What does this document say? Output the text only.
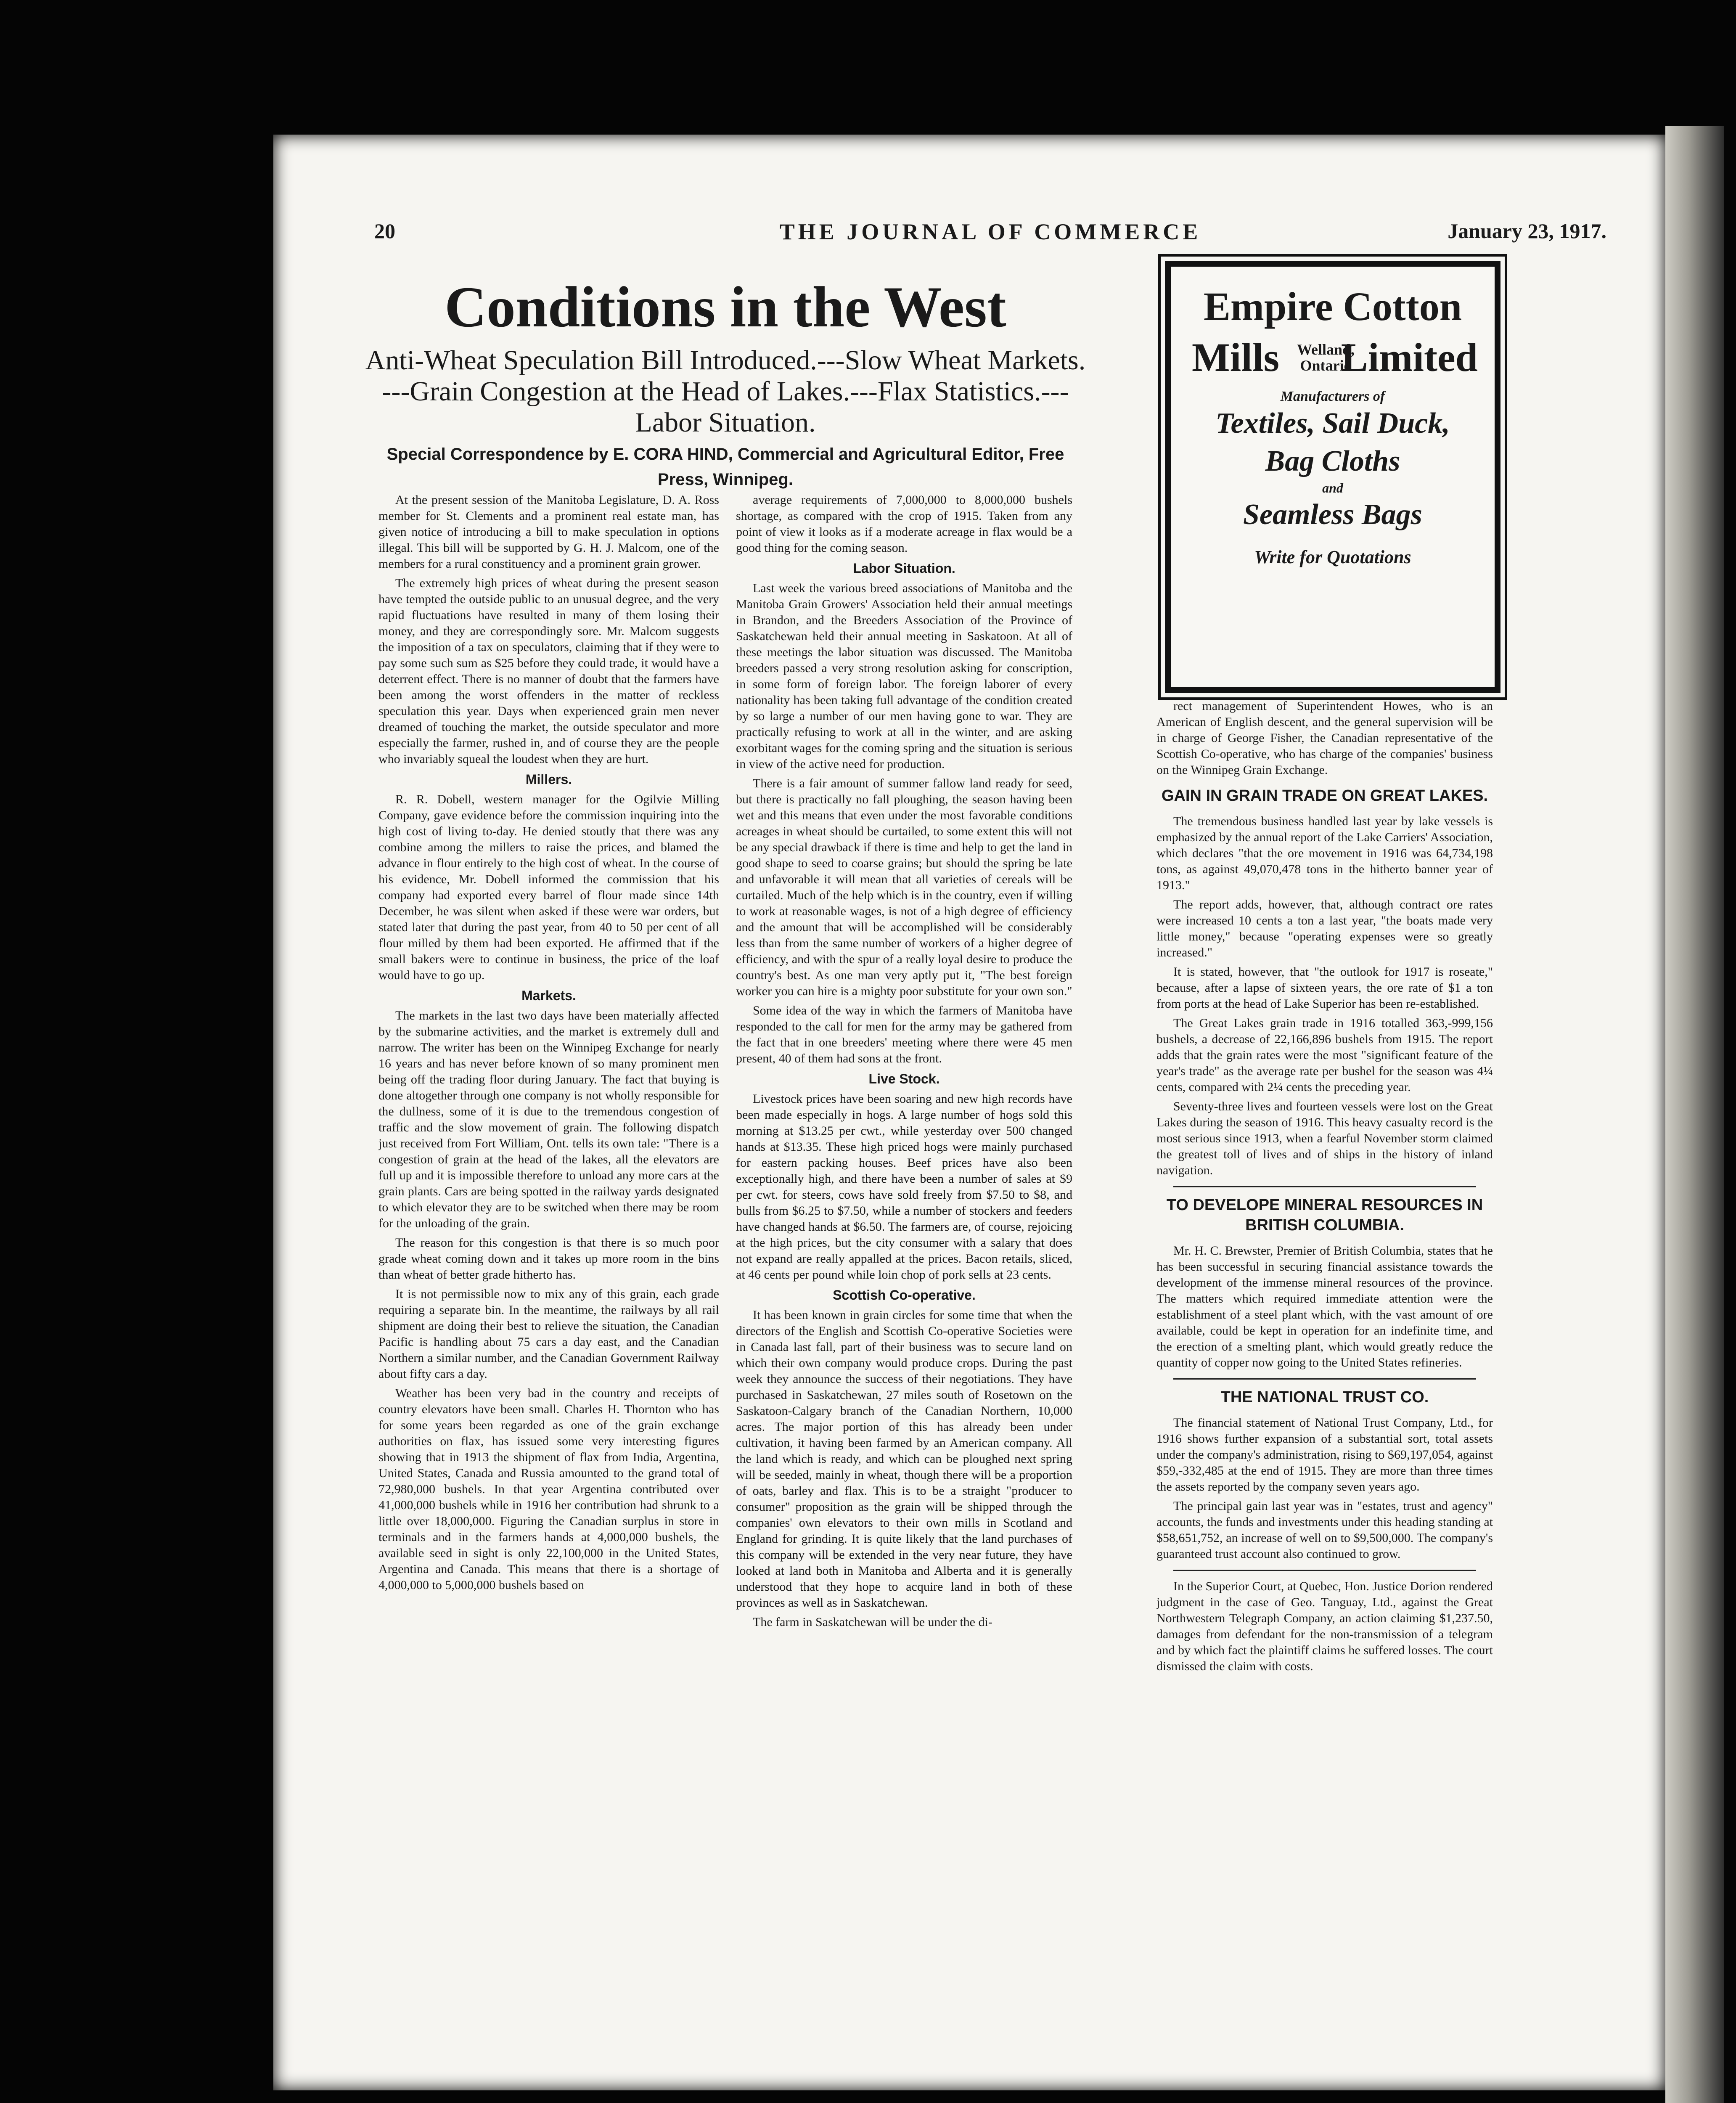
20	THE JOURNAL OF COMMERCE	January 23, 1917.
Conditions in the West

Anti-Wheat Speculation Bill Introduced.---Slow Wheat Markets. ---Grain Congestion at the Head of Lakes.---Flax Statistics.---Labor Situation.

Special Correspondence by E. CORA HIND, Commercial and Agricultural Editor, Free Press, Winnipeg.

At the present session of the Manitoba Legislature, D. A. Ross member for St. Clements and a prominent real estate man, has given notice of introducing a bill to make speculation in options illegal. This bill will be supported by G. H. J. Malcom, one of the members for a rural constituency and a prominent grain grower.

The extremely high prices of wheat during the present season have tempted the outside public to an unusual degree, and the very rapid fluctuations have resulted in many of them losing their money, and they are correspondingly sore. Mr. Malcom suggests the imposition of a tax on speculators, claiming that if they were to pay some such sum as $25 before they could trade, it would have a deterrent effect. There is no manner of doubt that the farmers have been among the worst offenders in the matter of reckless speculation this year. Days when experienced grain men never dreamed of touching the market, the outside speculator and more especially the farmer, rushed in, and of course they are the people who invariably squeal the loudest when they are hurt.

Millers.

R. R. Dobell, western manager for the Ogilvie Milling Company, gave evidence before the commission inquiring into the high cost of living to-day. He denied stoutly that there was any combine among the millers to raise the prices, and blamed the advance in flour entirely to the high cost of wheat. In the course of his evidence, Mr. Dobell informed the commission that his company had exported every barrel of flour made since 14th December, he was silent when asked if these were war orders, but stated later that during the past year, from 40 to 50 per cent of all flour milled by them had been exported. He affirmed that if the small bakers were to continue in business, the price of the loaf would have to go up.

Markets.

The markets in the last two days have been materially affected by the submarine activities, and the market is extremely dull and narrow. The writer has been on the Winnipeg Exchange for nearly 16 years and has never before known of so many prominent men being off the trading floor during January. The fact that buying is done altogether through one company is not wholly responsible for the dullness, some of it is due to the tremendous congestion of traffic and the slow movement of grain. The following dispatch just received from Fort William, Ont. tells its own tale: "There is a congestion of grain at the head of the lakes, all the elevators are full up and it is impossible therefore to unload any more cars at the grain plants. Cars are being spotted in the railway yards designated to which elevator they are to be switched when there may be room for the unloading of the grain.

The reason for this congestion is that there is so much poor grade wheat coming down and it takes up more room in the bins than wheat of better grade hitherto has.

It is not permissible now to mix any of this grain, each grade requiring a separate bin. In the meantime, the railways by all rail shipment are doing their best to relieve the situation, the Canadian Pacific is handling about 75 cars a day east, and the Canadian Northern a similar number, and the Canadian Government Railway about fifty cars a day.

Weather has been very bad in the country and receipts of country elevators have been small. Charles H. Thornton who has for some years been regarded as one of the grain exchange authorities on flax, has issued some very interesting figures showing that in 1913 the shipment of flax from India, Argentina, United States, Canada and Russia amounted to the grand total of 72,980,000 bushels. In that year Argentina contributed over 41,000,000 bushels while in 1916 her contribution had shrunk to a little over 18,000,000. Figuring the Canadian surplus in store in terminals and in the farmers hands at 4,000,000 bushels, the available seed in sight is only 22,100,000 in the United States, Argentina and Canada. This means that there is a shortage of 4,000,000 to 5,000,000 bushels based on

average requirements of 7,000,000 to 8,000,000 bushels shortage, as compared with the crop of 1915. Taken from any point of view it looks as if a moderate acreage in flax would be a good thing for the coming season.

Labor Situation.

Last week the various breed associations of Manitoba and the Manitoba Grain Growers' Association held their annual meetings in Brandon, and the Breeders Association of the Province of Saskatchewan held their annual meeting in Saskatoon. At all of these meetings the labor situation was discussed. The Manitoba breeders passed a very strong resolution asking for conscription, in some form of foreign labor. The foreign laborer of every nationality has been taking full advantage of the condition created by so large a number of our men having gone to war. They are practically refusing to work at all in the winter, and are asking exorbitant wages for the coming spring and the situation is serious in view of the active need for production.

There is a fair amount of summer fallow land ready for seed, but there is practically no fall ploughing, the season having been wet and this means that even under the most favorable conditions acreages in wheat should be curtailed, to some extent this will not be any special drawback if there is time and help to get the land in good shape to seed to coarse grains; but should the spring be late and unfavorable it will mean that all varieties of cereals will be curtailed. Much of the help which is in the country, even if willing to work at reasonable wages, is not of a high degree of efficiency and the amount that will be accomplished will be considerably less than from the same number of workers of a higher degree of efficiency, and with the spur of a really loyal desire to produce the country's best. As one man very aptly put it, "The best foreign worker you can hire is a mighty poor substitute for your own son."

Some idea of the way in which the farmers of Manitoba have responded to the call for men for the army may be gathered from the fact that in one breeders' meeting where there were 45 men present, 40 of them had sons at the front.

Live Stock.

Livestock prices have been soaring and new high records have been made especially in hogs. A large number of hogs sold this morning at $13.25 per cwt., while yesterday over 500 changed hands at $13.35. These high priced hogs were mainly purchased for eastern packing houses. Beef prices have also been exceptionally high, and there have been a number of sales at $9 per cwt. for steers, cows have sold freely from $7.50 to $8, and bulls from $6.25 to $7.50, while a number of stockers and feeders have changed hands at $6.50. The farmers are, of course, rejoicing at the high prices, but the city consumer with a salary that does not expand are really appalled at the prices. Bacon retails, sliced, at 46 cents per pound while loin chop of pork sells at 23 cents.

Scottish Co-operative.

It has been known in grain circles for some time that when the directors of the English and Scottish Co-operative Societies were in Canada last fall, part of their business was to secure land on which their own company would produce crops. During the past week they announce the success of their negotiations. They have purchased in Saskatchewan, 27 miles south of Rosetown on the Saskatoon-Calgary branch of the Canadian Northern, 10,000 acres. The major portion of this has already been under cultivation, it having been farmed by an American company. All the land which is ready, and which can be ploughed next spring will be seeded, mainly in wheat, though there will be a proportion of oats, barley and flax. This is to be a straight "producer to consumer" proposition as the grain will be shipped through the companies' own elevators to their own mills in Scotland and England for grinding. It is quite likely that the land purchases of this company will be extended in the very near future, they have looked at land both in Manitoba and Alberta and it is generally understood that they hope to acquire land in both of these provinces as well as in Saskatchewan.

The farm in Saskatchewan will be under the di-

Empire Cotton
Mills Welland,
Ontario
Limited
Manufacturers of
Textiles, Sail Duck,
Bag Cloths
and
Seamless Bags
Write for Quotations

rect management of Superintendent Howes, who is an American of English descent, and the general supervision will be in charge of George Fisher, the Canadian representative of the Scottish Co-operative, who has charge of the companies' business on the Winnipeg Grain Exchange.

GAIN IN GRAIN TRADE ON GREAT LAKES.

The tremendous business handled last year by lake vessels is emphasized by the annual report of the Lake Carriers' Association, which declares "that the ore movement in 1916 was 64,734,198 tons, as against 49,070,478 tons in the hitherto banner year of 1913."

The report adds, however, that, although contract ore rates were increased 10 cents a ton a last year, "the boats made very little money," because "operating expenses were so greatly increased."

It is stated, however, that "the outlook for 1917 is roseate," because, after a lapse of sixteen years, the ore rate of $1 a ton from ports at the head of Lake Superior has been re-established.

The Great Lakes grain trade in 1916 totalled 363,-999,156 bushels, a decrease of 22,166,896 bushels from 1915. The report adds that the grain rates were the most "significant feature of the year's trade" as the average rate per bushel for the season was 4¼ cents, compared with 2¼ cents the preceding year.

Seventy-three lives and fourteen vessels were lost on the Great Lakes during the season of 1916. This heavy casualty record is the most serious since 1913, when a fearful November storm claimed the greatest toll of lives and of ships in the history of inland navigation.

TO DEVELOPE MINERAL RESOURCES IN BRITISH COLUMBIA.

Mr. H. C. Brewster, Premier of British Columbia, states that he has been successful in securing financial assistance towards the development of the immense mineral resources of the province. The matters which required immediate attention were the establishment of a steel plant which, with the vast amount of ore available, could be kept in operation for an indefinite time, and the erection of a smelting plant, which would greatly reduce the quantity of copper now going to the United States refineries.

THE NATIONAL TRUST CO.

The financial statement of National Trust Company, Ltd., for 1916 shows further expansion of a substantial sort, total assets under the company's administration, rising to $69,197,054, against $59,-332,485 at the end of 1915. They are more than three times the assets reported by the company seven years ago.

The principal gain last year was in "estates, trust and agency" accounts, the funds and investments under this heading standing at $58,651,752, an increase of well on to $9,500,000. The company's guaranteed trust account also continued to grow.

In the Superior Court, at Quebec, Hon. Justice Dorion rendered judgment in the case of Geo. Tanguay, Ltd., against the Great Northwestern Telegraph Company, an action claiming $1,237.50, damages from defendant for the non-transmission of a telegram and by which fact the plaintiff claims he suffered losses. The court dismissed the claim with costs.
